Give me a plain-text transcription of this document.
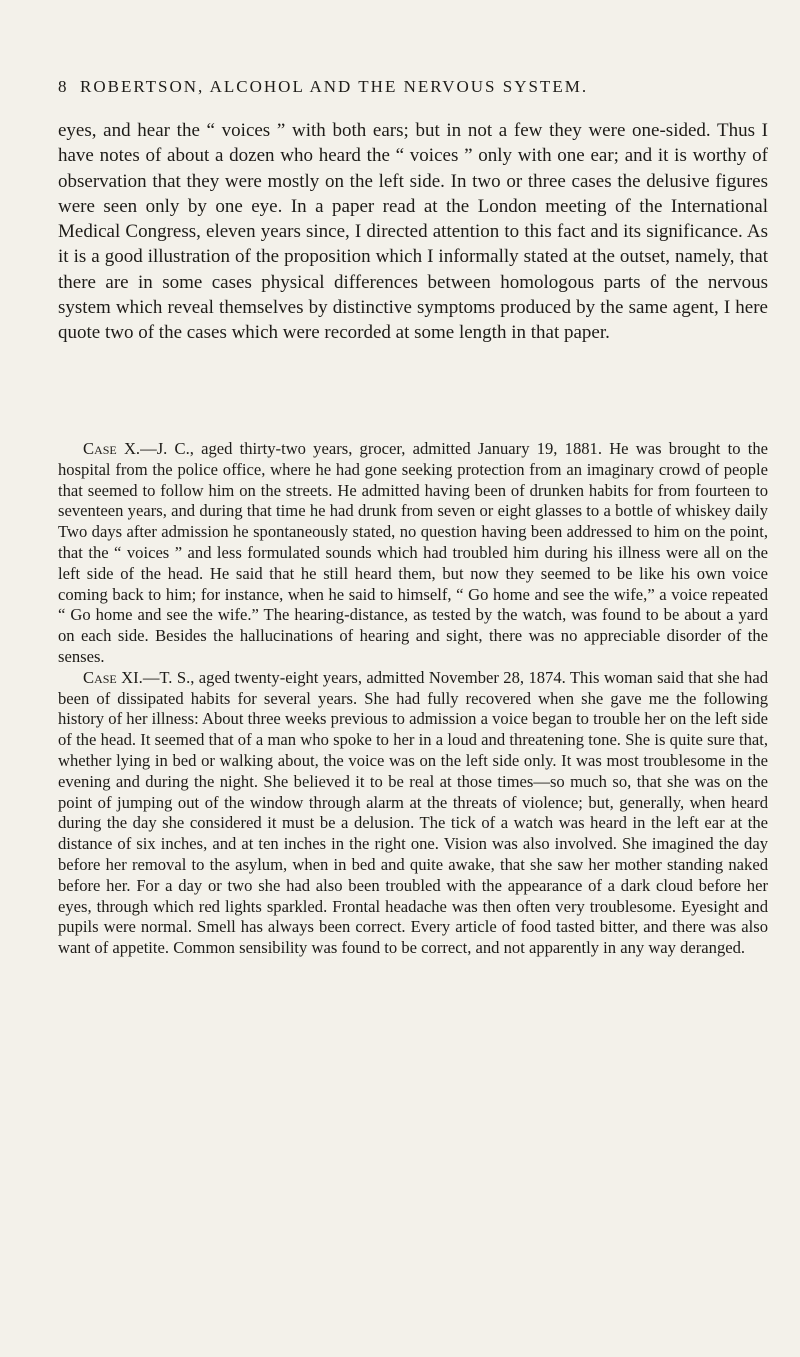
8 ROBERTSON, ALCOHOL AND THE NERVOUS SYSTEM.

eyes, and hear the “ voices ” with both ears; but in not a few they were one-sided. Thus I have notes of about a dozen who heard the “ voices ” only with one ear; and it is worthy of observation that they were mostly on the left side. In two or three cases the delusive figures were seen only by one eye. In a paper read at the London meeting of the International Medical Congress, eleven years since, I directed attention to this fact and its significance. As it is a good illustration of the proposition which I informally stated at the outset, namely, that there are in some cases physical differences between homologous parts of the nervous system which reveal themselves by distinctive symptoms produced by the same agent, I here quote two of the cases which were recorded at some length in that paper.

Case X.—J. C., aged thirty-two years, grocer, admitted January 19, 1881. He was brought to the hospital from the police office, where he had gone seeking protection from an imaginary crowd of people that seemed to follow him on the streets. He admitted having been of drunken habits for from fourteen to seventeen years, and during that time he had drunk from seven or eight glasses to a bottle of whiskey daily Two days after admission he spontaneously stated, no question having been addressed to him on the point, that the “ voices ” and less formulated sounds which had troubled him during his illness were all on the left side of the head. He said that he still heard them, but now they seemed to be like his own voice coming back to him; for instance, when he said to himself, “ Go home and see the wife,” a voice repeated “ Go home and see the wife.” The hearing-distance, as tested by the watch, was found to be about a yard on each side. Besides the hallucinations of hearing and sight, there was no appreciable disorder of the senses.

Case XI.—T. S., aged twenty-eight years, admitted November 28, 1874. This woman said that she had been of dissipated habits for several years. She had fully recovered when she gave me the following history of her illness: About three weeks previous to admission a voice began to trouble her on the left side of the head. It seemed that of a man who spoke to her in a loud and threatening tone. She is quite sure that, whether lying in bed or walking about, the voice was on the left side only. It was most troublesome in the evening and during the night. She believed it to be real at those times—so much so, that she was on the point of jumping out of the window through alarm at the threats of violence; but, generally, when heard during the day she considered it must be a delusion. The tick of a watch was heard in the left ear at the distance of six inches, and at ten inches in the right one. Vision was also involved. She imagined the day before her removal to the asylum, when in bed and quite awake, that she saw her mother standing naked before her. For a day or two she had also been troubled with the appearance of a dark cloud before her eyes, through which red lights sparkled. Frontal headache was then often very troublesome. Eyesight and pupils were normal. Smell has always been correct. Every article of food tasted bitter, and there was also want of appetite. Common sensibility was found to be correct, and not apparently in any way deranged.
